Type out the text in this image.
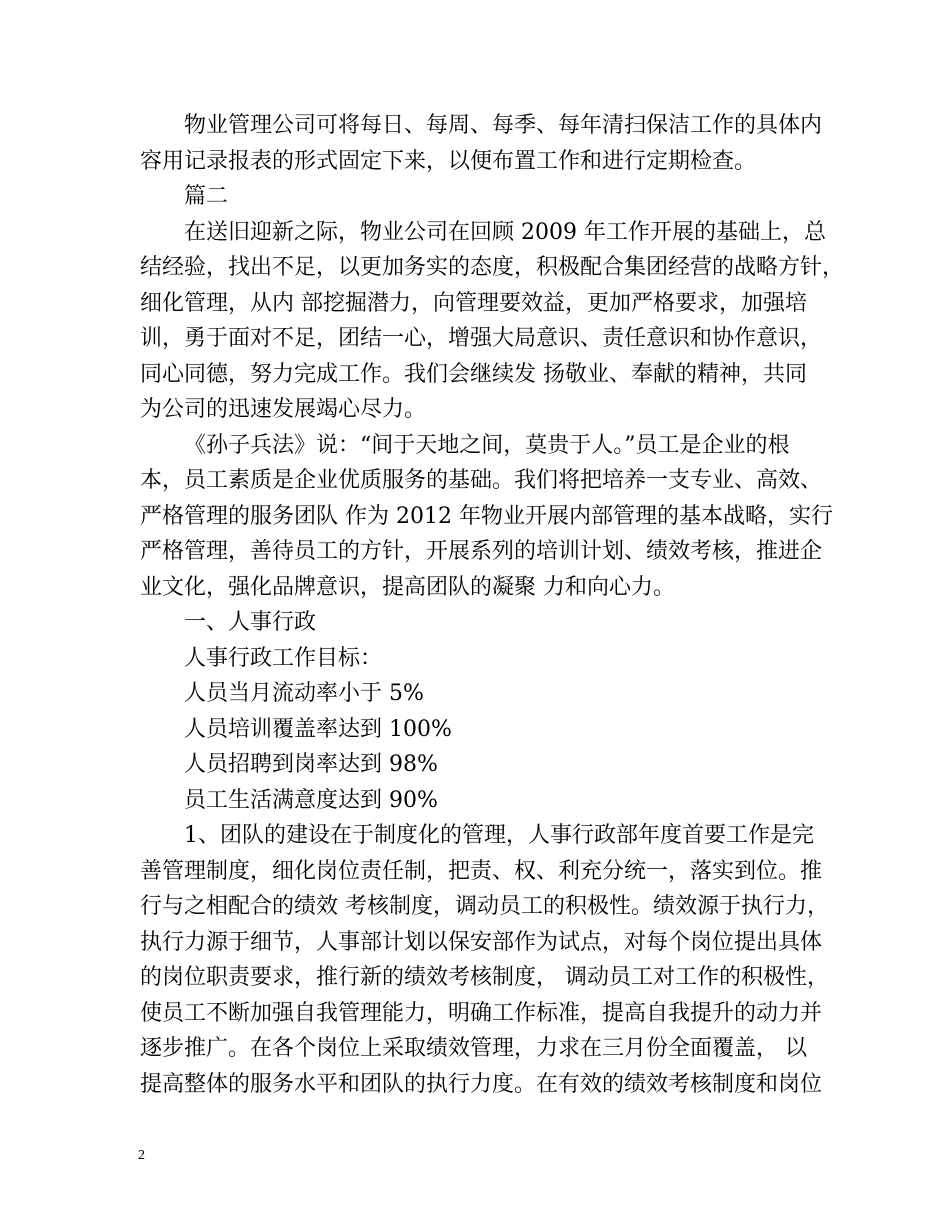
物业管理公司可将每日、每周、每季、每年清扫保洁工作的具体内
容用记录报表的形式固定下来，以便布置工作和进行定期检查。
篇二
在送旧迎新之际，物业公司在回顾 2009 年工作开展的基础上，总
结经验，找出不足，以更加务实的态度，积极配合集团经营的战略方针，
细化管理，从内 部挖掘潜力，向管理要效益，更加严格要求，加强培
训，勇于面对不足，团结一心，增强大局意识、责任意识和协作意识，
同心同德，努力完成工作。我们会继续发 扬敬业、奉献的精神，共同
为公司的迅速发展竭心尽力。
《孙子兵法》说：“间于天地之间，莫贵于人。”员工是企业的根
本，员工素质是企业优质服务的基础。我们将把培养一支专业、高效、
严格管理的服务团队 作为 2012 年物业开展内部管理的基本战略，实行
严格管理，善待员工的方针，开展系列的培训计划、绩效考核，推进企
业文化，强化品牌意识，提高团队的凝聚 力和向心力。
一、人事行政
人事行政工作目标：
人员当月流动率小于 5%
人员培训覆盖率达到 100%
人员招聘到岗率达到 98%
员工生活满意度达到 90%
1、团队的建设在于制度化的管理，人事行政部年度首要工作是完
善管理制度，细化岗位责任制，把责、权、利充分统一，落实到位。推
行与之相配合的绩效 考核制度，调动员工的积极性。绩效源于执行力，
执行力源于细节，人事部计划以保安部作为试点，对每个岗位提出具体
的岗位职责要求，推行新的绩效考核制度， 调动员工对工作的积极性，
使员工不断加强自我管理能力，明确工作标准，提高自我提升的动力并
逐步推广。在各个岗位上采取绩效管理，力求在三月份全面覆盖， 以
提高整体的服务水平和团队的执行力度。在有效的绩效考核制度和岗位
2
